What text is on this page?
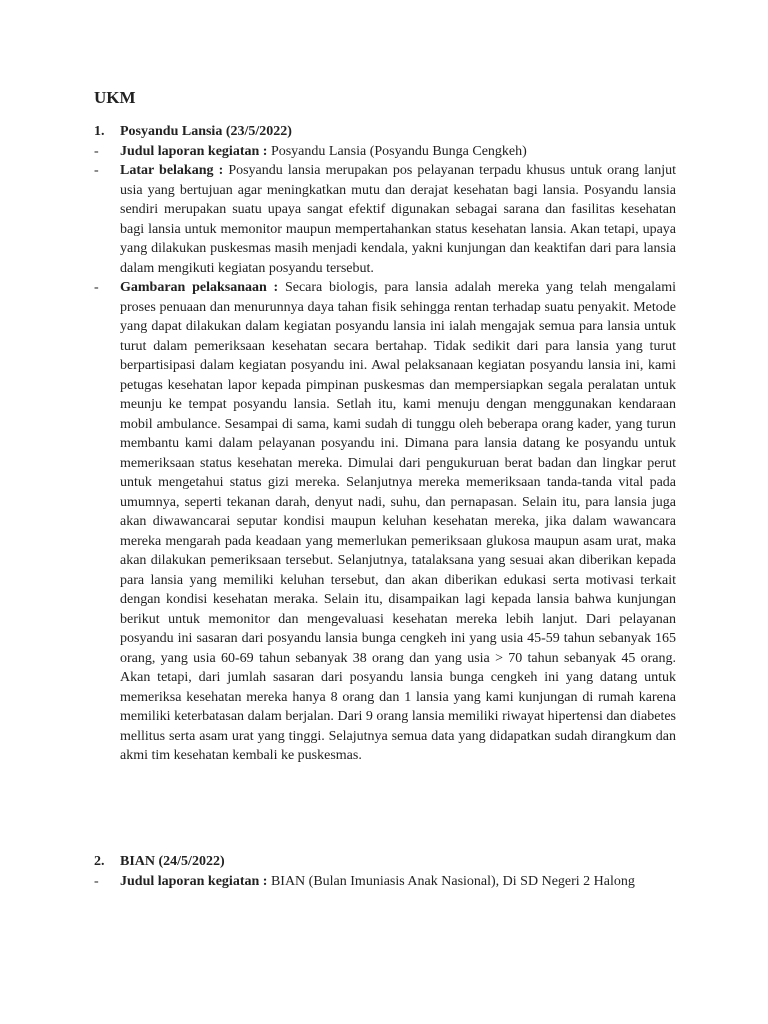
UKM
1.	Posyandu Lansia (23/5/2022)
-	Judul laporan kegiatan : Posyandu Lansia (Posyandu Bunga Cengkeh)
-	Latar belakang : Posyandu lansia merupakan pos pelayanan terpadu khusus untuk orang lanjut usia yang bertujuan agar meningkatkan mutu dan derajat kesehatan bagi lansia. Posyandu lansia sendiri merupakan suatu upaya sangat efektif digunakan sebagai sarana dan fasilitas kesehatan bagi lansia untuk memonitor maupun mempertahankan status kesehatan lansia. Akan tetapi, upaya yang dilakukan puskesmas masih menjadi kendala, yakni kunjungan dan keaktifan dari para lansia dalam mengikuti kegiatan posyandu tersebut.
-	Gambaran pelaksanaan : Secara biologis, para lansia adalah mereka yang telah mengalami proses penuaan dan menurunnya daya tahan fisik sehingga rentan terhadap suatu penyakit. Metode yang dapat dilakukan dalam kegiatan posyandu lansia ini ialah mengajak semua para lansia untuk turut dalam pemeriksaan kesehatan secara bertahap. Tidak sedikit dari para lansia yang turut berpartisipasi dalam kegiatan posyandu ini. Awal pelaksanaan kegiatan posyandu lansia ini, kami petugas kesehatan lapor kepada pimpinan puskesmas dan mempersiapkan segala peralatan untuk meunju ke tempat posyandu lansia. Setlah itu, kami menuju dengan menggunakan kendaraan mobil ambulance. Sesampai di sama, kami sudah di tunggu oleh beberapa orang kader, yang turun membantu kami dalam pelayanan posyandu ini. Dimana para lansia datang ke posyandu untuk memeriksaan status kesehatan mereka. Dimulai dari pengukuruan berat badan dan lingkar perut untuk mengetahui status gizi mereka. Selanjutnya mereka memeriksaan tanda-tanda vital pada umumnya, seperti tekanan darah, denyut nadi, suhu, dan pernapasan. Selain itu, para lansia juga akan diwawancarai seputar kondisi maupun keluhan kesehatan mereka, jika dalam wawancara mereka mengarah pada keadaan yang memerlukan pemeriksaan glukosa maupun asam urat, maka akan dilakukan pemeriksaan tersebut. Selanjutnya, tatalaksana yang sesuai akan diberikan kepada para lansia yang memiliki keluhan tersebut, dan akan diberikan edukasi serta motivasi terkait dengan kondisi kesehatan meraka. Selain itu, disampaikan lagi kepada lansia bahwa kunjungan berikut untuk memonitor dan mengevaluasi kesehatan mereka lebih lanjut. Dari pelayanan posyandu ini sasaran dari posyandu lansia bunga cengkeh ini yang usia 45-59 tahun sebanyak 165 orang, yang usia 60-69 tahun sebanyak 38 orang dan yang usia > 70 tahun sebanyak 45 orang. Akan tetapi, dari jumlah sasaran dari posyandu lansia bunga cengkeh ini yang datang untuk memeriksa kesehatan mereka hanya 8 orang dan 1 lansia yang kami kunjungan di rumah karena memiliki keterbatasan dalam berjalan. Dari 9 orang lansia memiliki riwayat hipertensi dan diabetes mellitus serta asam urat yang tinggi. Selajutnya semua data yang didapatkan sudah dirangkum dan akmi tim kesehatan kembali ke puskesmas.
2.	BIAN (24/5/2022)
-	Judul laporan kegiatan : BIAN (Bulan Imuniasis Anak Nasional), Di SD Negeri 2 Halong
